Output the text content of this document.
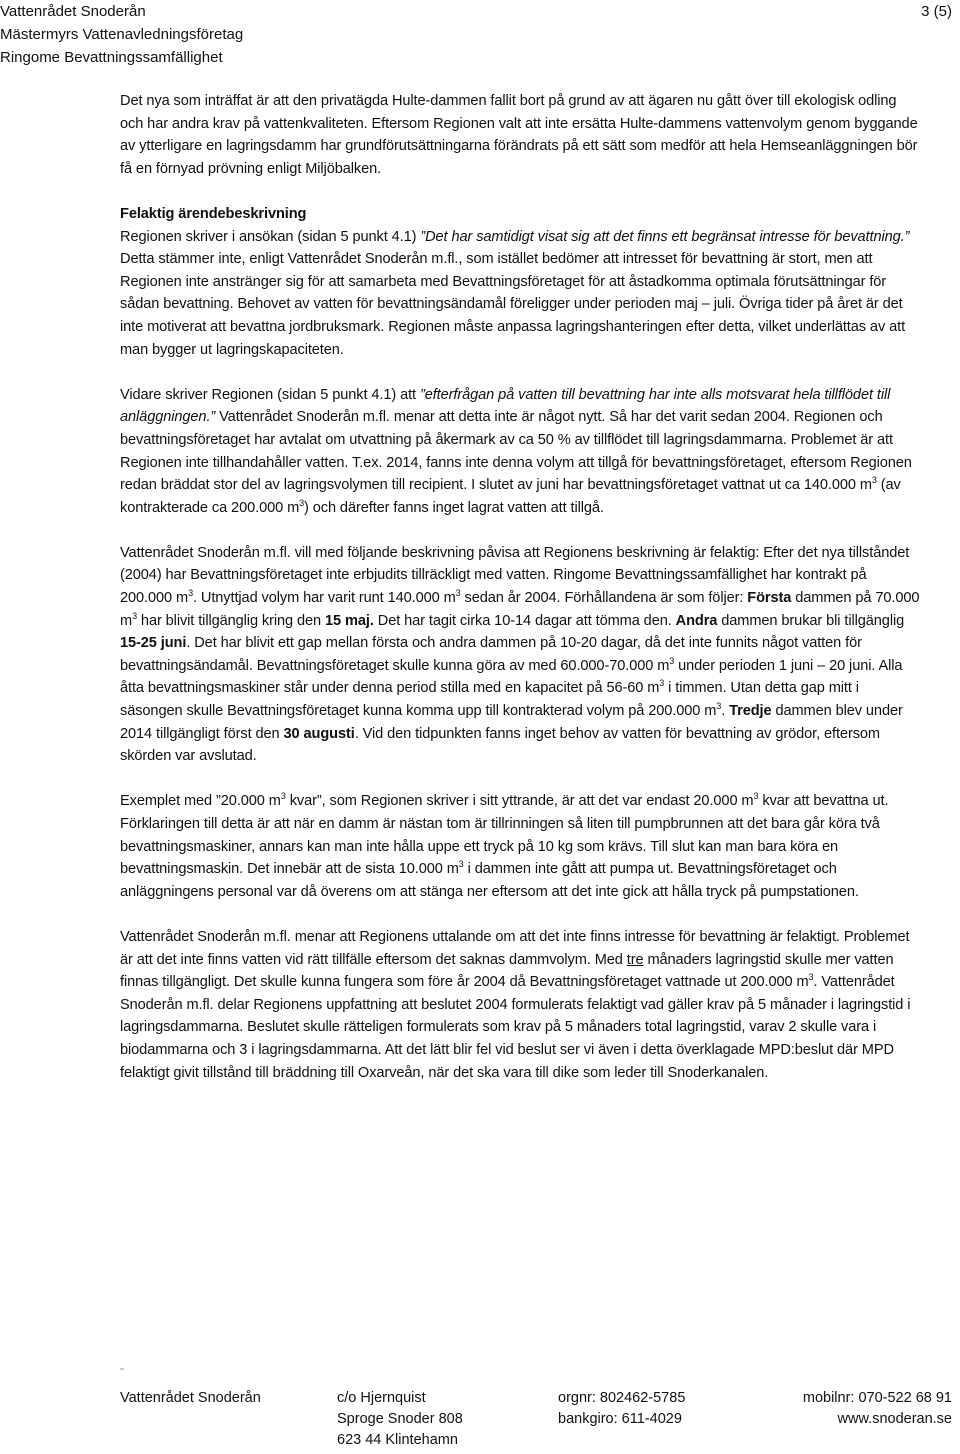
Vattenrådet Snoderån
Mästermyrs Vattenavledningsföretag
Ringome Bevattningssamfällighet
3 (5)

Det nya som inträffat är att den privatägda Hulte-dammen fallit bort på grund av att ägaren nu gått över till ekologisk odling och har andra krav på vattenkvaliteten. Eftersom Regionen valt att inte ersätta Hulte-dammens vattenvolym genom byggande av ytterligare en lagringsdamm har grundförutsättningarna förändrats på ett sätt som medför att hela Hemseanläggningen bör få en förnyad prövning enligt Miljöbalken.

Felaktig ärendebeskrivning
Regionen skriver i ansökan (sidan 5 punkt 4.1) ”Det har samtidigt visat sig att det finns ett begränsat intresse för bevattning.” Detta stämmer inte, enligt Vattenrådet Snoderån m.fl., som istället bedömer att intresset för bevattning är stort, men att Regionen inte anstränger sig för att samarbeta med Bevattningsföretaget för att åstadkomma optimala förutsättningar för sådan bevattning. Behovet av vatten för bevattningsändamål föreligger under perioden maj – juli. Övriga tider på året är det inte motiverat att bevattna jordbruksmark. Regionen måste anpassa lagringshanteringen efter detta, vilket underlättas av att man bygger ut lagringskapaciteten.

Vidare skriver Regionen (sidan 5 punkt 4.1) att ”efterfrågan på vatten till bevattning har inte alls motsvarat hela tillflödet till anläggningen.” Vattenrådet Snoderån m.fl. menar att detta inte är något nytt. Så har det varit sedan 2004. Regionen och bevattningsföretaget har avtalat om utvattning på åkermark av ca 50 % av tillflödet till lagringsdammarna. Problemet är att Regionen inte tillhandahåller vatten. T.ex. 2014, fanns inte denna volym att tillgå för bevattningsföretaget, eftersom Regionen redan bräddat stor del av lagringsvolymen till recipient. I slutet av juni har bevattningsföretaget vattnat ut ca 140.000 $m^3$ (av kontrakterade ca 200.000 $m^3$) och därefter fanns inget lagrat vatten att tillgå.

Vattenrådet Snoderån m.fl. vill med följande beskrivning påvisa att Regionens beskrivning är felaktig: Efter det nya tillståndet (2004) har Bevattningsföretaget inte erbjudits tillräckligt med vatten. Ringome Bevattningssamfällighet har kontrakt på 200.000 $m^3$. Utnyttjad volym har varit runt 140.000 $m^3$ sedan år 2004. Förhållandena är som följer: Första dammen på 70.000 $m^3$ har blivit tillgänglig kring den 15 maj. Det har tagit cirka 10-14 dagar att tömma den. Andra dammen brukar bli tillgänglig 15-25 juni. Det har blivit ett gap mellan första och andra dammen på 10-20 dagar, då det inte funnits något vatten för bevattningsändamål. Bevattningsföretaget skulle kunna göra av med 60.000-70.000 $m^3$ under perioden 1 juni – 20 juni. Alla åtta bevattningsmaskiner står under denna period stilla med en kapacitet på 56-60 $m^3$ i timmen. Utan detta gap mitt i säsongen skulle Bevattningsföretaget kunna komma upp till kontrakterad volym på 200.000 $m^3$. Tredje dammen blev under 2014 tillgängligt först den 30 augusti. Vid den tidpunkten fanns inget behov av vatten för bevattning av grödor, eftersom skörden var avslutad.

Exemplet med ”20.000 $m^3$ kvar”, som Regionen skriver i sitt yttrande, är att det var endast 20.000 $m^3$ kvar att bevattna ut. Förklaringen till detta är att när en damm är nästan tom är tillrinningen så liten till pumpbrunnen att det bara går köra två bevattningsmaskiner, annars kan man inte hålla uppe ett tryck på 10 kg som krävs. Till slut kan man bara köra en bevattningsmaskin. Det innebär att de sista 10.000 $m^3$ i dammen inte gått att pumpa ut. Bevattningsföretaget och anläggningens personal var då överens om att stänga ner eftersom att det inte gick att hålla tryck på pumpstationen.

Vattenrådet Snoderån m.fl. menar att Regionens uttalande om att det inte finns intresse för bevattning är felaktigt. Problemet är att det inte finns vatten vid rätt tillfälle eftersom det saknas dammvolym. Med tre månaders lagringstid skulle mer vatten finnas tillgängligt. Det skulle kunna fungera som före år 2004 då Bevattningsföretaget vattnade ut 200.000 $m^3$. Vattenrådet Snoderån m.fl. delar Regionens uppfattning att beslutet 2004 formulerats felaktigt vad gäller krav på 5 månader i lagringstid i lagringsdammarna. Beslutet skulle rätteligen formulerats som krav på 5 månaders total lagringstid, varav 2 skulle vara i biodammarna och 3 i lagringsdammarna. Att det lätt blir fel vid beslut ser vi även i detta överklagade MPD:beslut där MPD felaktigt givit tillstånd till bräddning till Oxarveån, när det ska vara till dike som leder till Snoderkanalen.

Vattenrådet Snoderån	c/o Hjernquist
Sproge Snoder 808
623 44 Klintehamn
orgnr: 802462-5785
bankgiro: 611-4029
mobilnr: 070-522 68 91
www.snoderan.se
